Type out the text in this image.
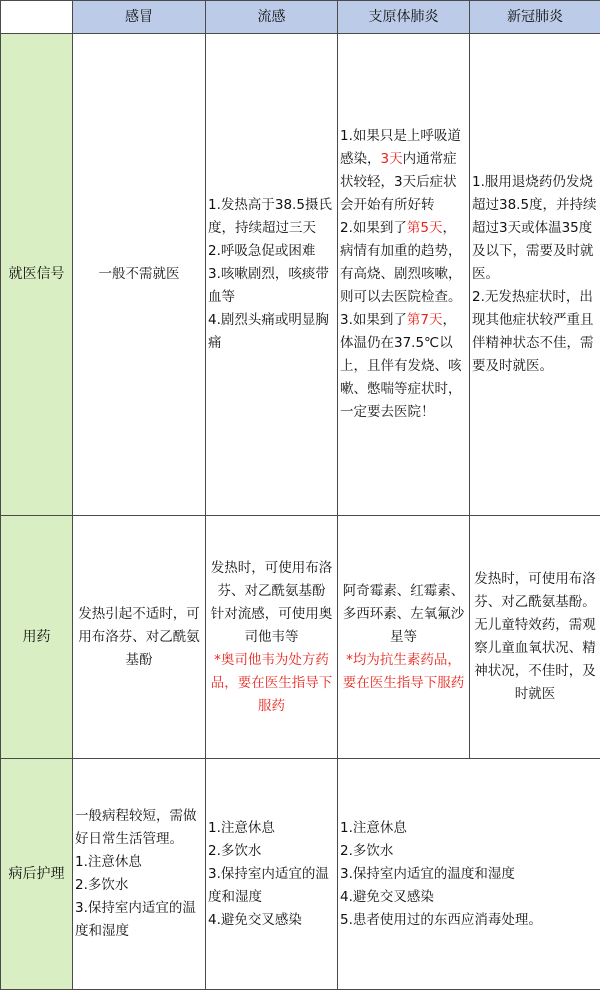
	感冒	流感	支原体肺炎	新冠肺炎
就医信号	一般不需就医	1.发热高于38.5摄氏度，持续超过三天
2.呼吸急促或困难
3.咳嗽剧烈，咳痰带血等
4.剧烈头痛或明显胸痛	1.如果只是上呼吸道感染，3天内通常症状较轻，3天后症状会开始有所好转
2.如果到了第5天，病情有加重的趋势，有高烧、剧烈咳嗽，则可以去医院检查。
3.如果到了第7天，体温仍在37.5℃以上，且伴有发烧、咳嗽、憋喘等症状时，一定要去医院！	1.服用退烧药仍发烧超过38.5度，并持续超过3天或体温35度及以下，需要及时就医。
2.无发热症状时，出现其他症状较严重且伴精神状态不佳，需要及时就医。

用药	发热引起不适时，可用布洛芬、对乙酰氨基酚	发热时，可使用布洛芬、对乙酰氨基酚
针对流感，可使用奥司他韦等
*奥司他韦为处方药品，要在医生指导下服药	阿奇霉素、红霉素、多西环素、左氧氟沙星等
*均为抗生素药品，要在医生指导下服药	发热时，可使用布洛芬、对乙酰氨基酚。
无儿童特效药，需观察儿童血氧状况、精神状况，不佳时，及时就医

病后护理	一般病程较短，需做好日常生活管理。
1.注意休息
2.多饮水
3.保持室内适宜的温度和湿度	1.注意休息
2.多饮水
3.保持室内适宜的温度和湿度
4.避免交叉感染	1.注意休息
2.多饮水
3.保持室内适宜的温度和湿度
4.避免交叉感染
5.患者使用过的东西应消毒处理。	
